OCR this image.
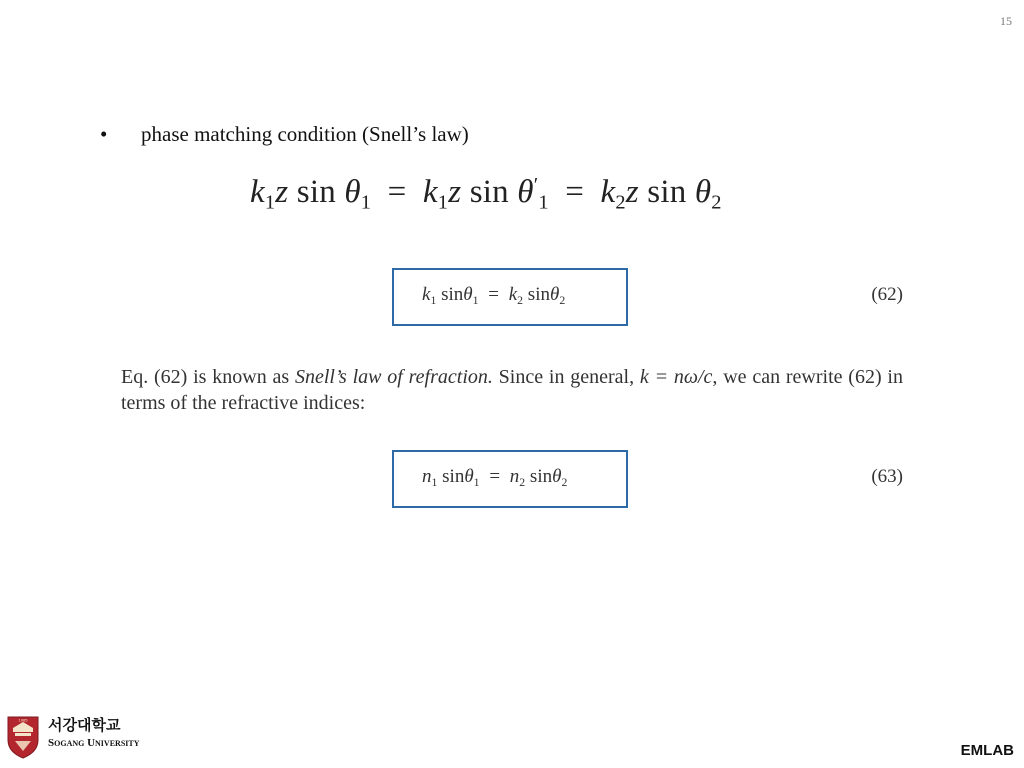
15
• phase matching condition (Snell’s law)
$k_1z$ $\sin \theta_1 = k_1z$ $\sin \theta'_1 = k_2z$ $\sin \theta_2$
$k_1$ $\sin\theta_1 = k_2$ sinθ$_2$	(62)
Eq. (62) is known as Snell’s law of refraction. Since in general, k = nω/c, we can rewrite (62) in terms of the refractive indices:
$n_1$ $\sin\theta_1 = n_2$ sinθ$_2$	(63)
1985 서강대학교
Sogang University	EMLAB
